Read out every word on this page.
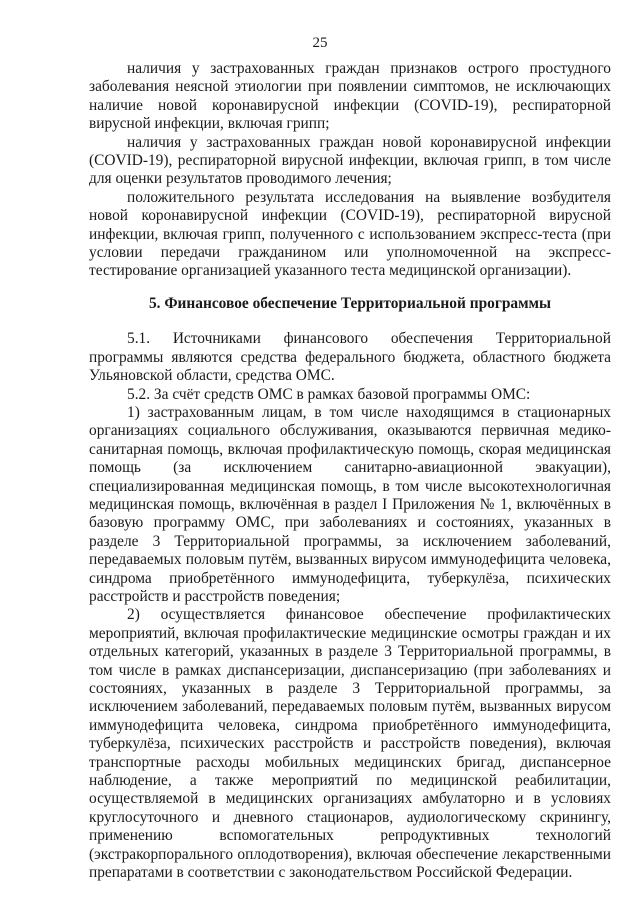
25

наличия у застрахованных граждан признаков острого простудного заболевания неясной этиологии при появлении симптомов, не исключающих наличие новой коронавирусной инфекции (COVID-19), респираторной вирусной инфекции, включая грипп;

наличия у застрахованных граждан новой коронавирусной инфекции (COVID-19), респираторной вирусной инфекции, включая грипп, в том числе для оценки результатов проводимого лечения;

положительного результата исследования на выявление возбудителя новой коронавирусной инфекции (COVID-19), респираторной вирусной инфекции, включая грипп, полученного с использованием экспресс-теста (при условии передачи гражданином или уполномоченной на экспресс-тестирование организацией указанного теста медицинской организации).

5. Финансовое обеспечение Территориальной программы

5.1. Источниками финансового обеспечения Территориальной программы являются средства федерального бюджета, областного бюджета Ульяновской области, средства ОМС.

5.2. За счёт средств ОМС в рамках базовой программы ОМС:

1) застрахованным лицам, в том числе находящимся в стационарных организациях социального обслуживания, оказываются первичная медико-санитарная помощь, включая профилактическую помощь, скорая медицинская помощь (за исключением санитарно-авиационной эвакуации), специализированная медицинская помощь, в том числе высокотехнологичная медицинская помощь, включённая в раздел I Приложения № 1, включённых в базовую программу ОМС, при заболеваниях и состояниях, указанных в разделе 3 Территориальной программы, за исключением заболеваний, передаваемых половым путём, вызванных вирусом иммунодефицита человека, синдрома приобретённого иммунодефицита, туберкулёза, психических расстройств и расстройств поведения;

2) осуществляется финансовое обеспечение профилактических мероприятий, включая профилактические медицинские осмотры граждан и их отдельных категорий, указанных в разделе 3 Территориальной программы, в том числе в рамках диспансеризации, диспансеризацию (при заболеваниях и состояниях, указанных в разделе 3 Территориальной программы, за исключением заболеваний, передаваемых половым путём, вызванных вирусом иммунодефицита человека, синдрома приобретённого иммунодефицита, туберкулёза, психических расстройств и расстройств поведения), включая транспортные расходы мобильных медицинских бригад, диспансерное наблюдение, а также мероприятий по медицинской реабилитации, осуществляемой в медицинских организациях амбулаторно и в условиях круглосуточного и дневного стационаров, аудиологическому скринингу, применению вспомогательных репродуктивных технологий (экстракорпорального оплодотворения), включая обеспечение лекарственными препаратами в соответствии с законодательством Российской Федерации.
